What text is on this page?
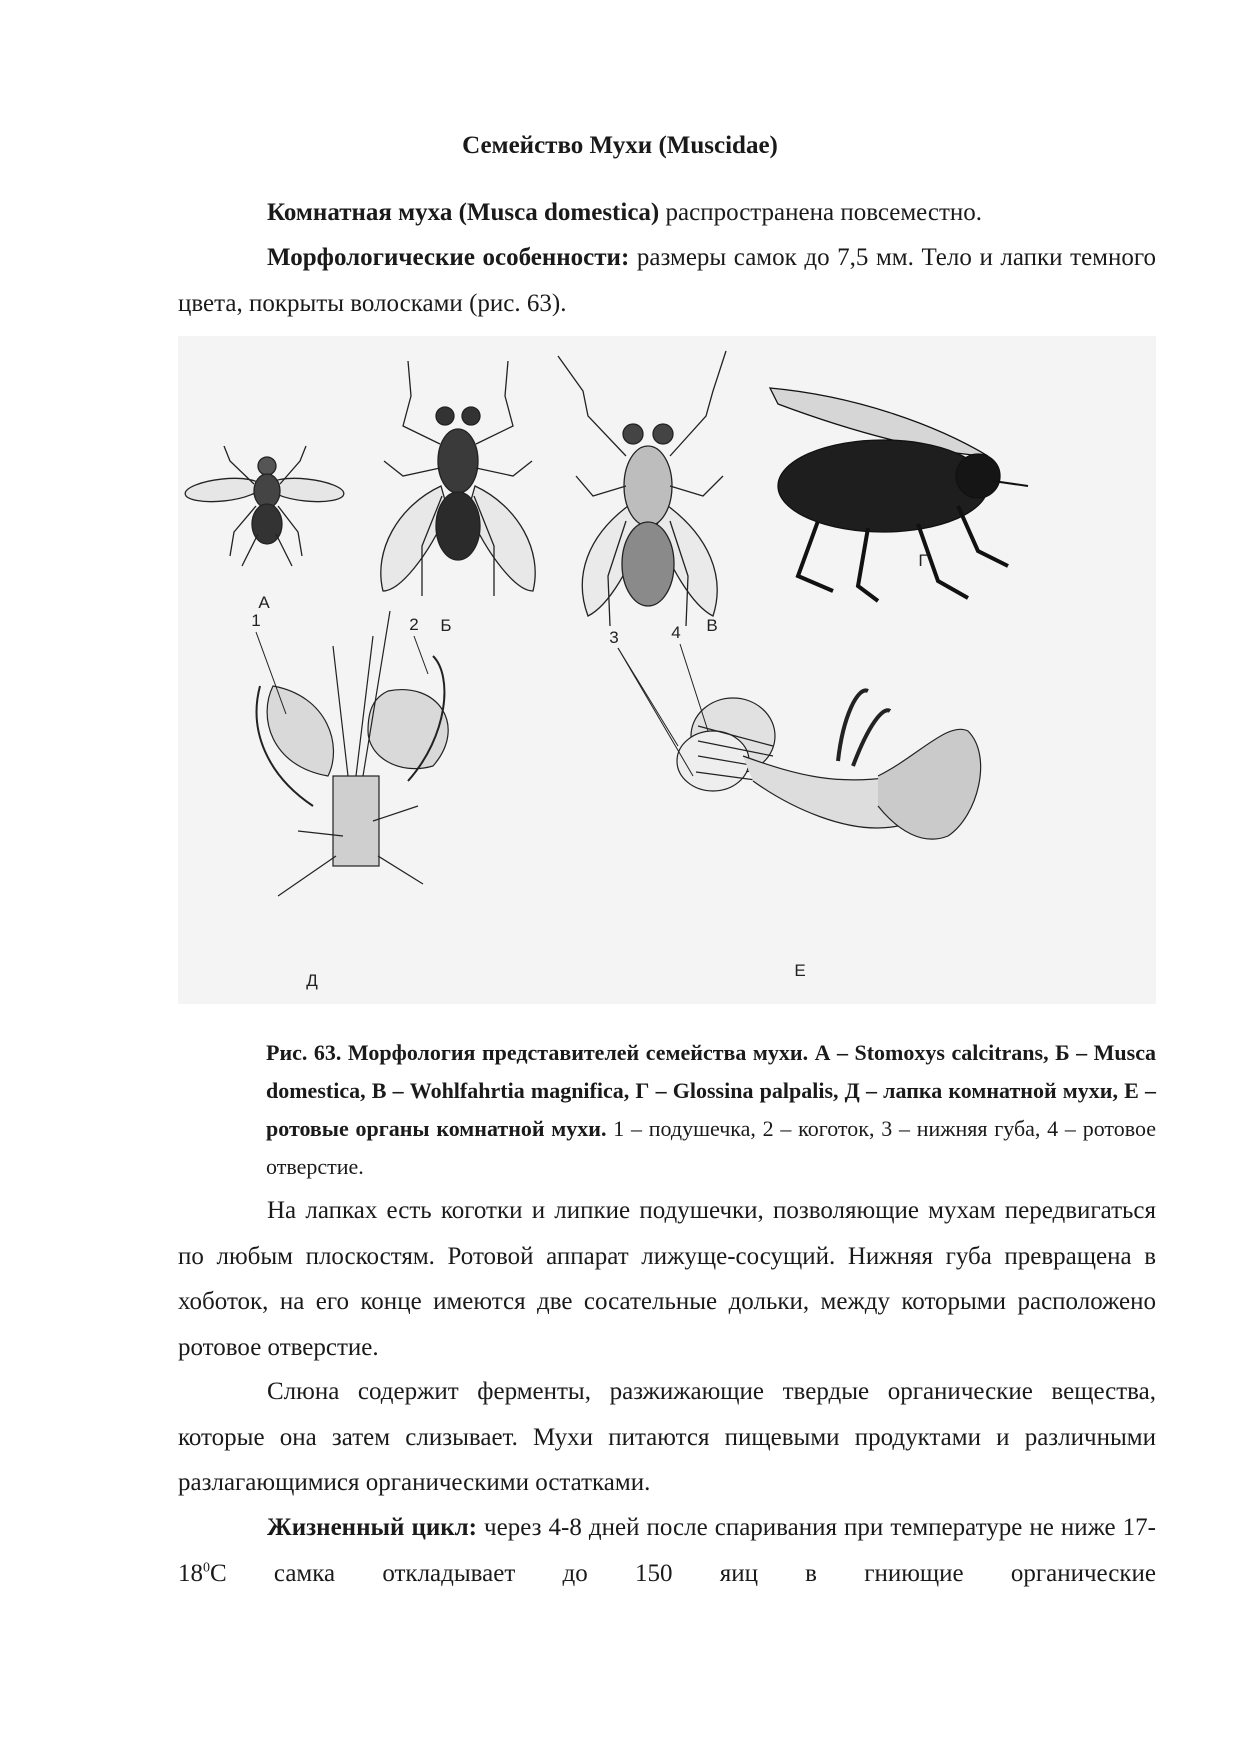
Семейство Мухи (Muscidae)

Комнатная муха (Musca domestica) распространена повсеместно.

Морфологические особенности: размеры самок до 7,5 мм. Тело и лапки темного цвета, покрыты волосками (рис. 63).

А
Б	В
Г
1	2
Д
3	4
Е

Рис. 63. Морфология представителей семейства мухи. А – Stomoxys calcitrans, Б – Musca domestica, В – Wohlfahrtia magnifica, Г – Glossina palpalis, Д – лапка комнатной мухи, Е – ротовые органы комнатной мухи. 1 – подушечка, 2 – коготок, 3 – нижняя губа, 4 – ротовое отверстие.

На лапках есть коготки и липкие подушечки, позволяющие мухам передвигаться по любым плоскостям. Ротовой аппарат лижуще-сосущий. Нижняя губа превращена в хоботок, на его конце имеются две сосательные дольки, между которыми расположено ротовое отверстие.

Слюна содержит ферменты, разжижающие твердые органические вещества, которые она затем слизывает. Мухи питаются пищевыми продуктами и различными разлагающимися органическими остатками.

Жизненный цикл: через 4-8 дней после спаривания при температуре не ниже $17-18^0С$ самка откладывает до 150 яиц в гниющие органические
